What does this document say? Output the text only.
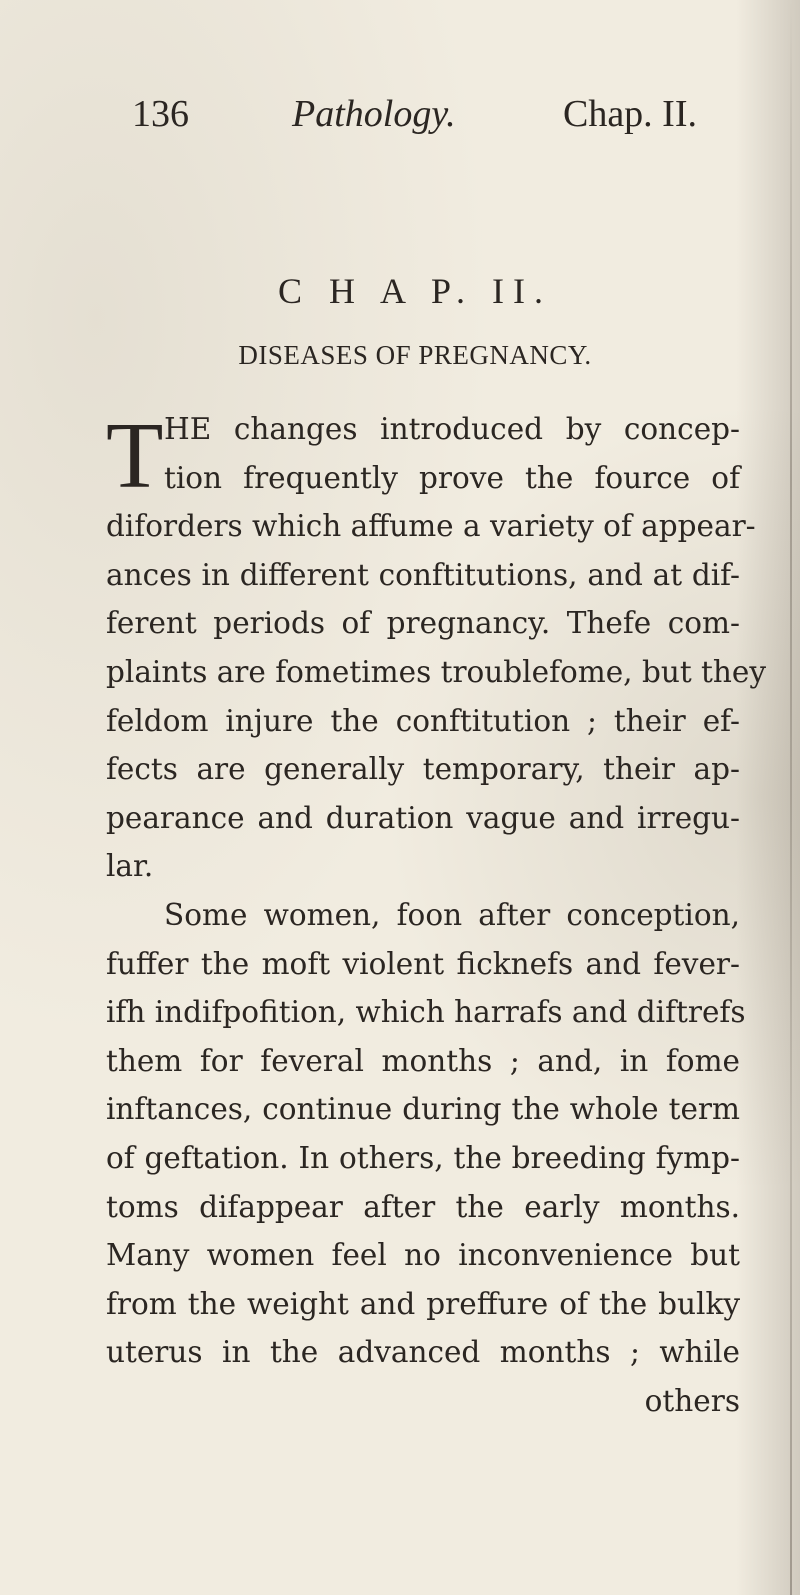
136	Pathology.	Chap. II.
C H A P. II.
DISEASES OF PREGNANCY.
T HE changes introduced by concep-
tion frequently prove the fource of
diforders which affume a variety of appear-
ances in different conftitutions, and at dif-
ferent periods of pregnancy. Thefe com-
plaints are fometimes troublefome, but they
feldom injure the conftitution ; their ef-
fects are generally temporary, their ap-
pearance and duration vague and irregu-
lar.
Some women, foon after conception,
fuffer the moft violent ficknefs and fever-
ifh indifpofition, which harrafs and diftrefs
them for feveral months ; and, in fome
inftances, continue during the whole term
of geftation. In others, the breeding fymp-
toms difappear after the early months.
Many women feel no inconvenience but
from the weight and preffure of the bulky
uterus in the advanced months ; while
others
